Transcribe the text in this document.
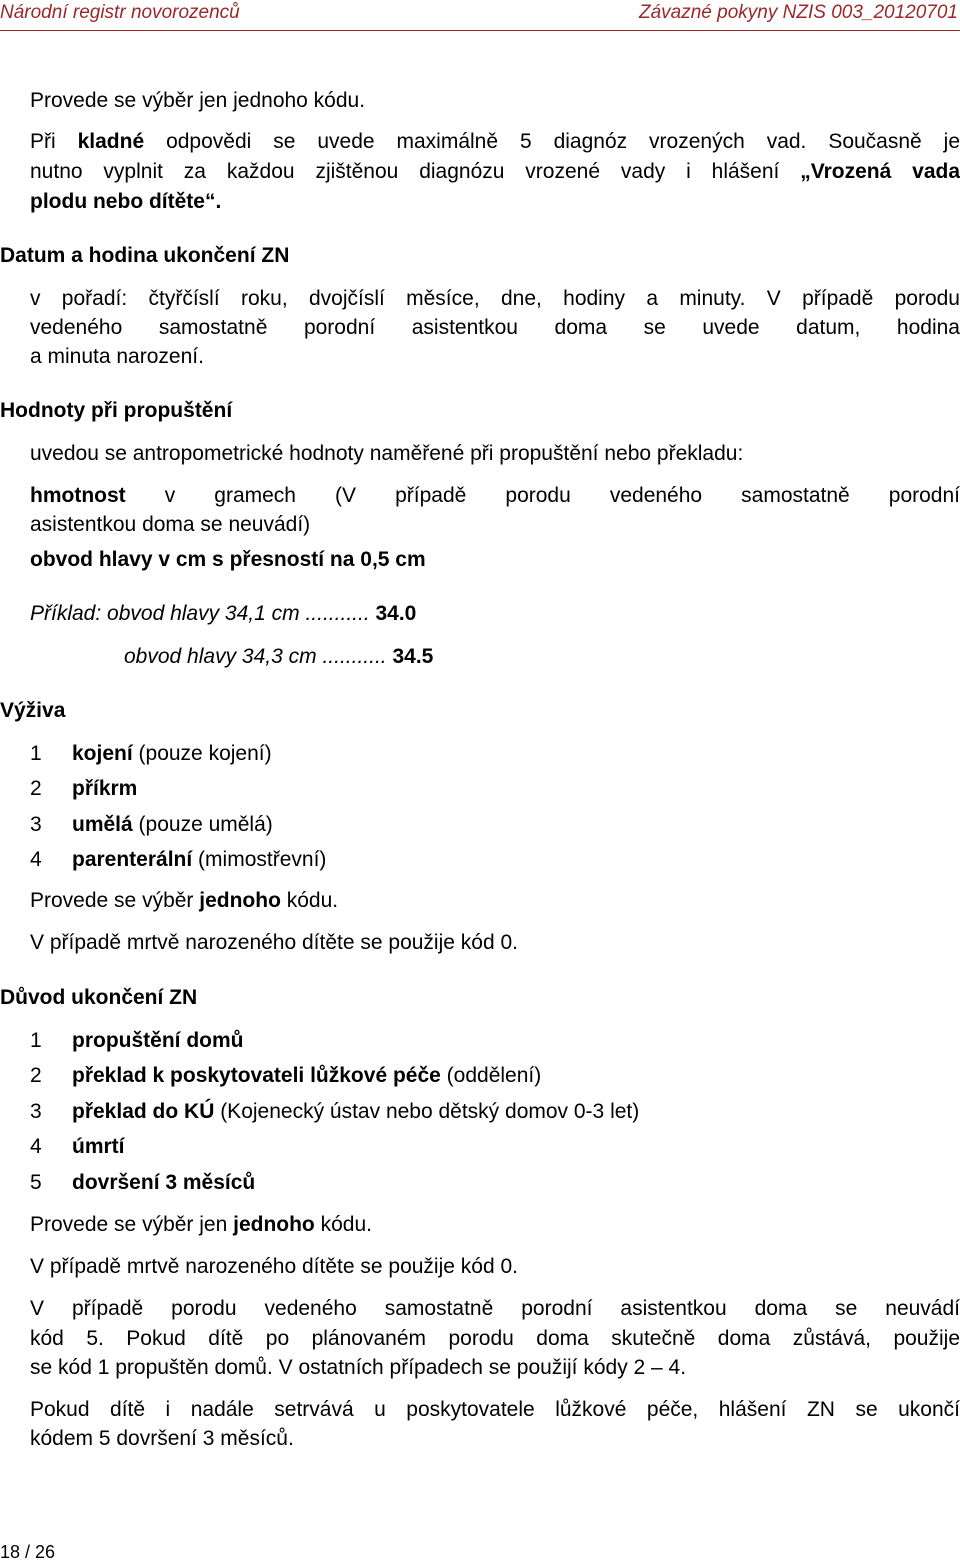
Národní registr novorozenců	Závazné pokyny NZIS 003_20120701
Provede se výběr jen jednoho kódu.
Při kladné odpovědi se uvede maximálně 5 diagnóz vrozených vad. Současně je
nutno vyplnit za každou zjištěnou diagnózu vrozené vady i hlášení „Vrozená vada
plodu nebo dítěte“.
Datum a hodina ukončení ZN
v pořadí: čtyřčíslí roku, dvojčíslí měsíce, dne, hodiny a minuty. V případě porodu
vedeného samostatně porodní asistentkou doma se uvede datum, hodina
a minuta narození.
Hodnoty při propuštění
uvedou se antropometrické hodnoty naměřené při propuštění nebo překladu:
hmotnost v gramech (V případě porodu vedeného samostatně porodní
asistentkou doma se neuvádí)
obvod hlavy v cm s přesností na 0,5 cm
Příklad: obvod hlavy 34,1 cm ........... 34.0
obvod hlavy 34,3 cm ........... 34.5
Výživa
1 kojení (pouze kojení)
2 příkrm
3 umělá (pouze umělá)
4 parenterální (mimostřevní)
Provede se výběr jednoho kódu.
V případě mrtvě narozeného dítěte se použije kód 0.
Důvod ukončení ZN
1 propuštění domů
2 překlad k poskytovateli lůžkové péče (oddělení)
3 překlad do KÚ (Kojenecký ústav nebo dětský domov 0-3 let)
4 úmrtí
5 dovršení 3 měsíců
Provede se výběr jen jednoho kódu.
V případě mrtvě narozeného dítěte se použije kód 0.
V případě porodu vedeného samostatně porodní asistentkou doma se neuvádí
kód 5. Pokud dítě po plánovaném porodu doma skutečně doma zůstává, použije
se kód 1 propuštěn domů. V ostatních případech se použijí kódy 2 – 4.
Pokud dítě i nadále setrvává u poskytovatele lůžkové péče, hlášení ZN se ukončí
kódem 5 dovršení 3 měsíců.
18 / 26
